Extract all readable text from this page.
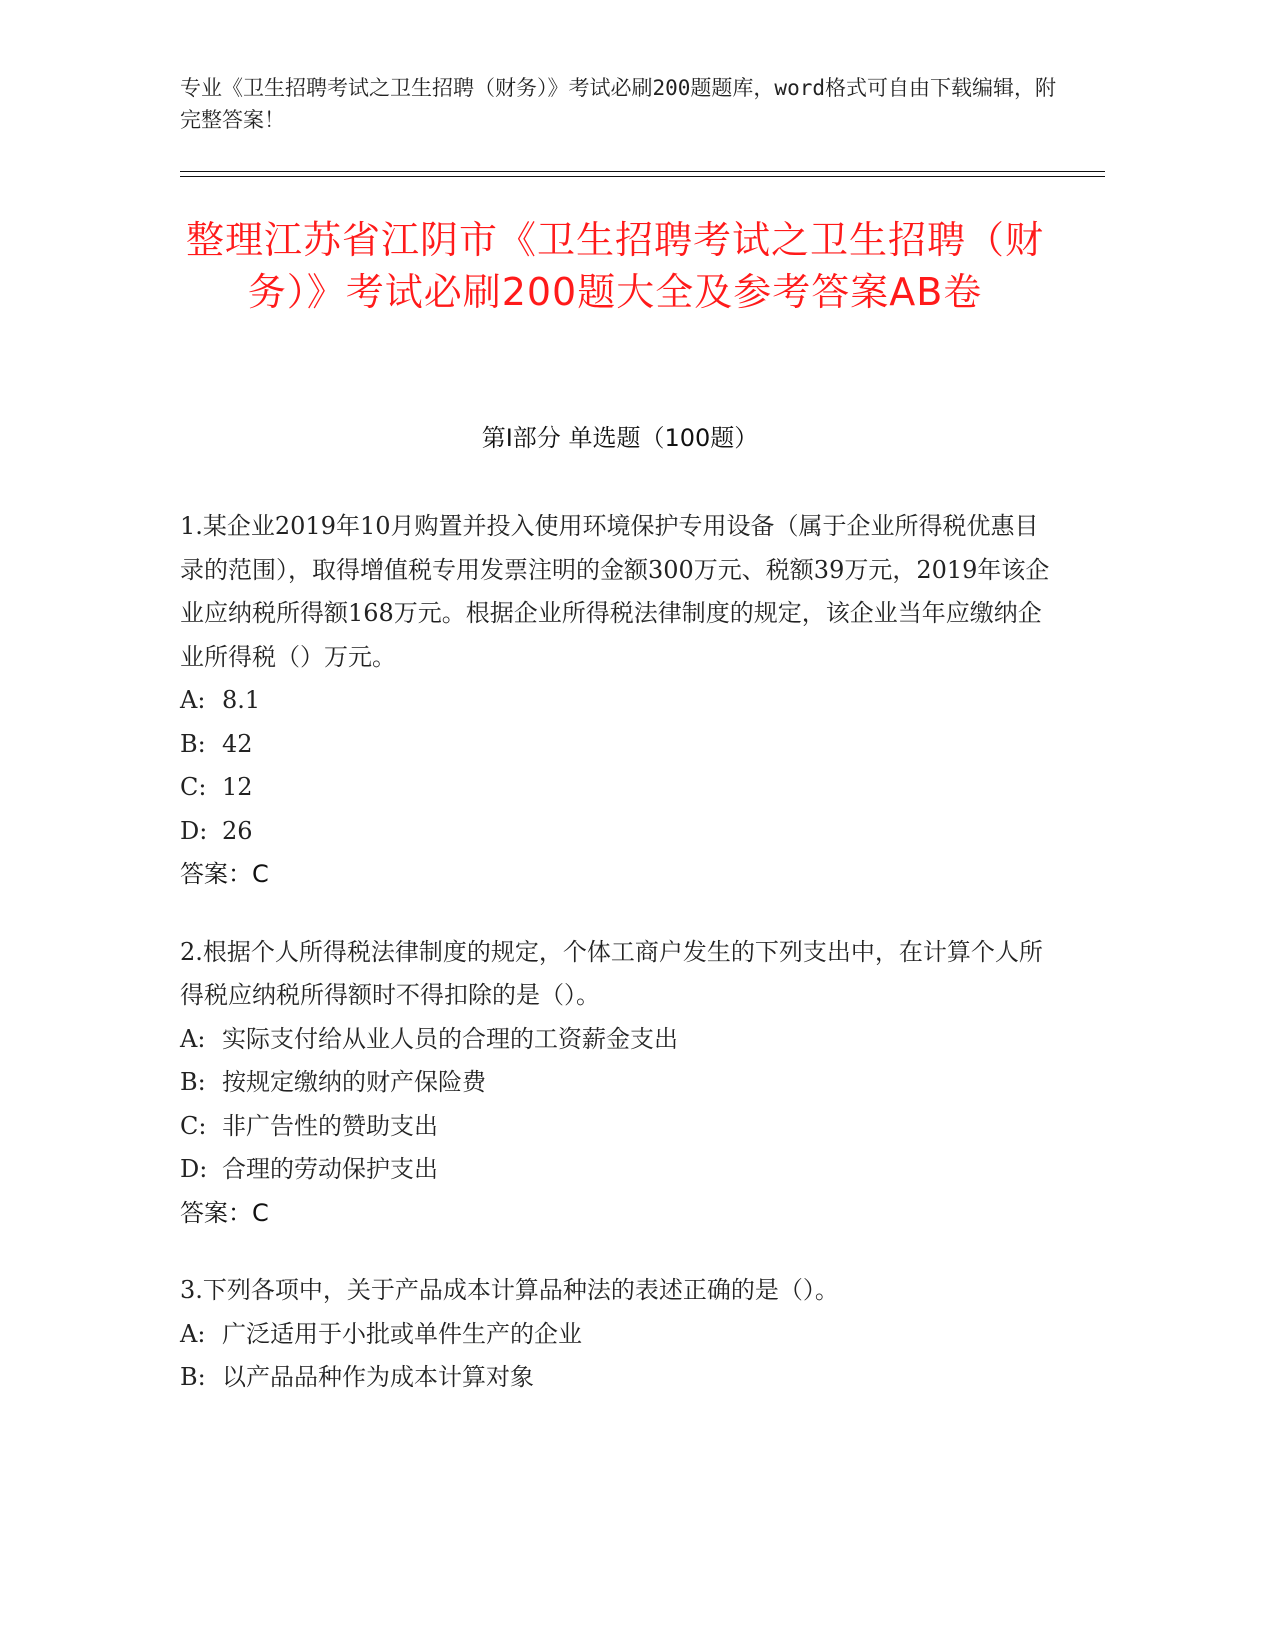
专业《卫生招聘考试之卫生招聘（财务）》考试必刷200题题库，word格式可自由下载编辑，附完整答案！
整理江苏省江阴市《卫生招聘考试之卫生招聘（财务）》考试必刷200题大全及参考答案AB卷
第I部分 单选题（100题）

1.某企业2019年10月购置并投入使用环境保护专用设备（属于企业所得税优惠目录的范围），取得增值税专用发票注明的金额300万元、税额39万元，2019年该企业应纳税所得额168万元。根据企业所得税法律制度的规定，该企业当年应缴纳企业所得税（）万元。

A: 8.1

B: 42

C: 12

D: 26

答案：C

2.根据个人所得税法律制度的规定，个体工商户发生的下列支出中，在计算个人所得税应纳税所得额时不得扣除的是（）。

A: 实际支付给从业人员的合理的工资薪金支出

B: 按规定缴纳的财产保险费

C: 非广告性的赞助支出

D: 合理的劳动保护支出

答案：C

3.下列各项中，关于产品成本计算品种法的表述正确的是（）。

A: 广泛适用于小批或单件生产的企业

B: 以产品品种作为成本计算对象
